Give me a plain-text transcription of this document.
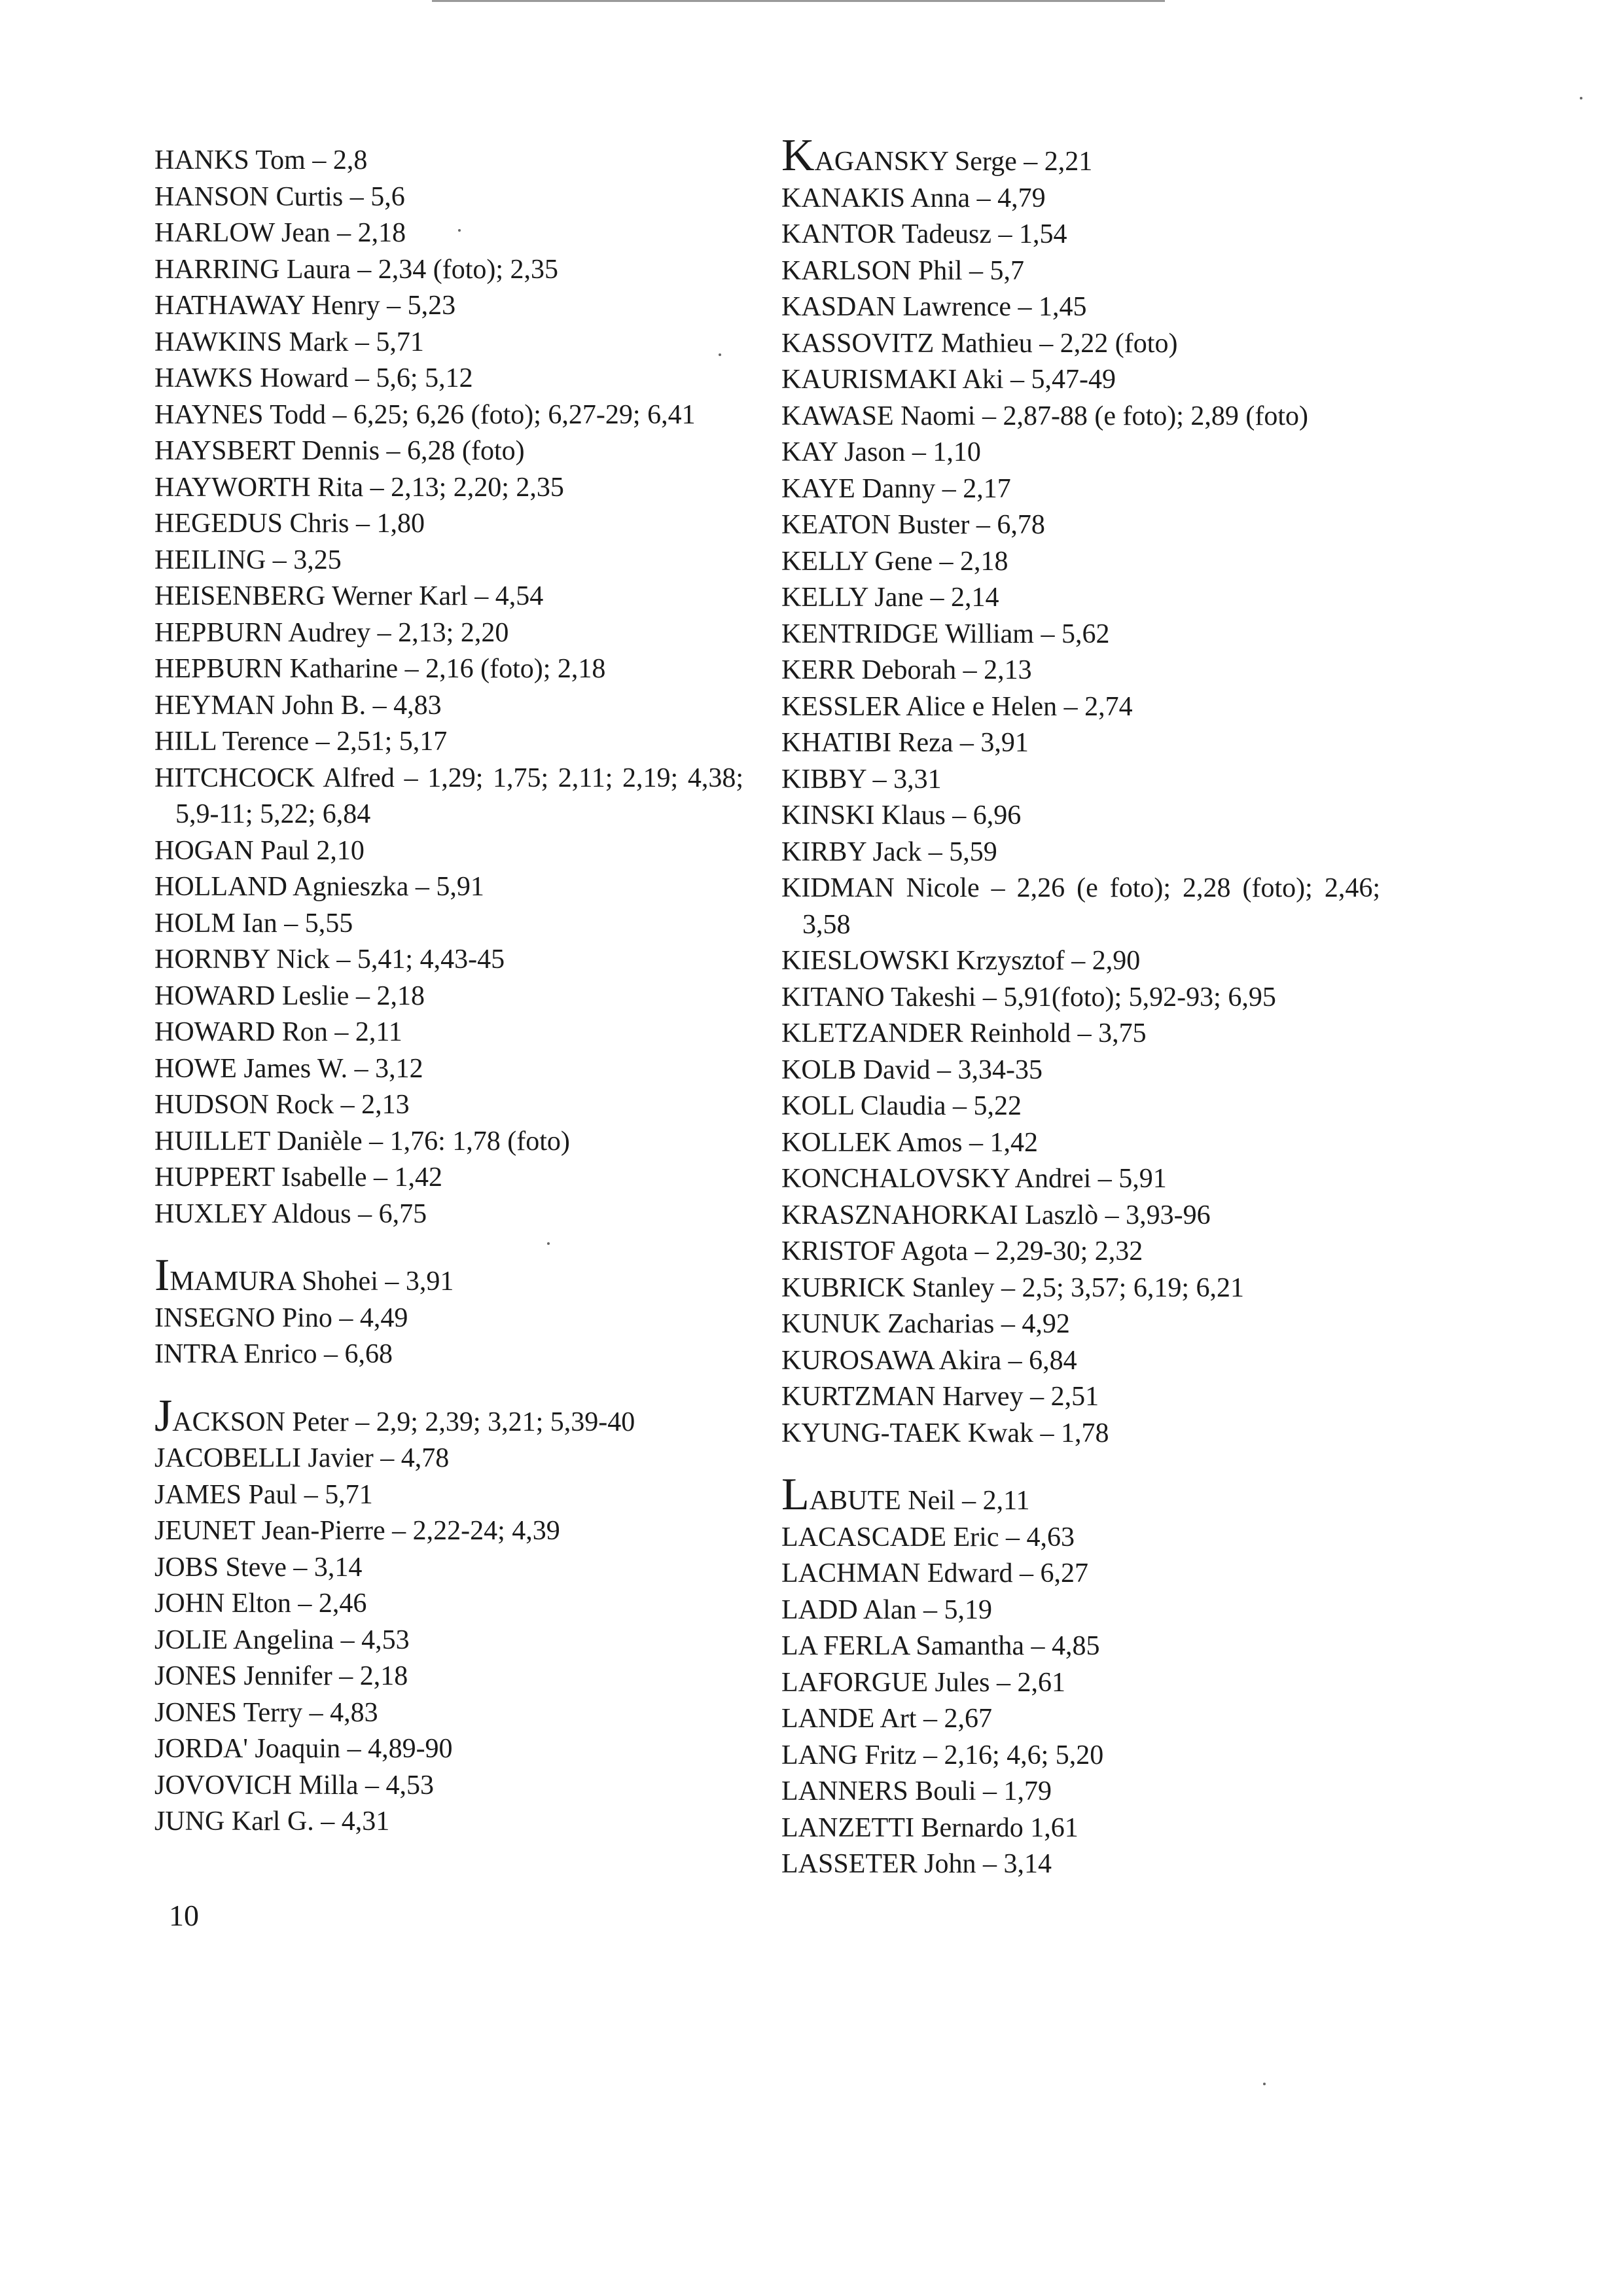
HANKS Tom – 2,8
HANSON Curtis – 5,6
HARLOW Jean – 2,18
HARRING Laura – 2,34 (foto); 2,35
HATHAWAY Henry – 5,23
HAWKINS Mark – 5,71
HAWKS Howard – 5,6; 5,12
HAYNES Todd – 6,25; 6,26 (foto); 6,27-29; 6,41
HAYSBERT Dennis – 6,28 (foto)
HAYWORTH Rita – 2,13; 2,20; 2,35
HEGEDUS Chris – 1,80
HEILING – 3,25
HEISENBERG Werner Karl – 4,54
HEPBURN Audrey – 2,13; 2,20
HEPBURN Katharine – 2,16 (foto); 2,18
HEYMAN John B. – 4,83
HILL Terence – 2,51; 5,17
HITCHCOCK Alfred – 1,29; 1,75; 2,11; 2,19; 4,38; 5,9-11; 5,22; 6,84
HOGAN Paul 2,10
HOLLAND Agnieszka – 5,91
HOLM Ian – 5,55
HORNBY Nick – 5,41; 4,43-45
HOWARD Leslie – 2,18
HOWARD Ron – 2,11
HOWE James W. – 3,12
HUDSON Rock – 2,13
HUILLET Danièle – 1,76: 1,78 (foto)
HUPPERT Isabelle – 1,42
HUXLEY Aldous – 6,75
IMAMURA Shohei – 3,91
INSEGNO Pino – 4,49
INTRA Enrico – 6,68
JACKSON Peter – 2,9; 2,39; 3,21; 5,39-40
JACOBELLI Javier – 4,78
JAMES Paul – 5,71
JEUNET Jean-Pierre – 2,22-24; 4,39
JOBS Steve – 3,14
JOHN Elton – 2,46
JOLIE Angelina – 4,53
JONES Jennifer – 2,18
JONES Terry – 4,83
JORDA' Joaquin – 4,89-90
JOVOVICH Milla – 4,53
JUNG Karl G. – 4,31
KAGANSKY Serge – 2,21
KANAKIS Anna – 4,79
KANTOR Tadeusz – 1,54
KARLSON Phil – 5,7
KASDAN Lawrence – 1,45
KASSOVITZ Mathieu – 2,22 (foto)
KAURISMAKI Aki – 5,47-49
KAWASE Naomi – 2,87-88 (e foto); 2,89 (foto)
KAY Jason – 1,10
KAYE Danny – 2,17
KEATON Buster – 6,78
KELLY Gene – 2,18
KELLY Jane – 2,14
KENTRIDGE William – 5,62
KERR Deborah – 2,13
KESSLER Alice e Helen – 2,74
KHATIBI Reza – 3,91
KIBBY – 3,31
KINSKI Klaus – 6,96
KIRBY Jack – 5,59
KIDMAN Nicole – 2,26 (e foto); 2,28 (foto); 2,46; 3,58
KIESLOWSKI Krzysztof – 2,90
KITANO Takeshi – 5,91(foto); 5,92-93; 6,95
KLETZANDER Reinhold – 3,75
KOLB David – 3,34-35
KOLL Claudia – 5,22
KOLLEK Amos – 1,42
KONCHALOVSKY Andrei – 5,91
KRASZNAHORKAI Laszlò – 3,93-96
KRISTOF Agota – 2,29-30; 2,32
KUBRICK Stanley – 2,5; 3,57; 6,19; 6,21
KUNUK Zacharias – 4,92
KUROSAWA Akira – 6,84
KURTZMAN Harvey – 2,51
KYUNG-TAEK Kwak – 1,78
LABUTE Neil – 2,11
LACASCADE Eric – 4,63
LACHMAN Edward – 6,27
LADD Alan – 5,19
LA FERLA Samantha – 4,85
LAFORGUE Jules – 2,61
LANDE Art – 2,67
LANG Fritz – 2,16; 4,6; 5,20
LANNERS Bouli – 1,79
LANZETTI Bernardo 1,61
LASSETER John – 3,14
10
